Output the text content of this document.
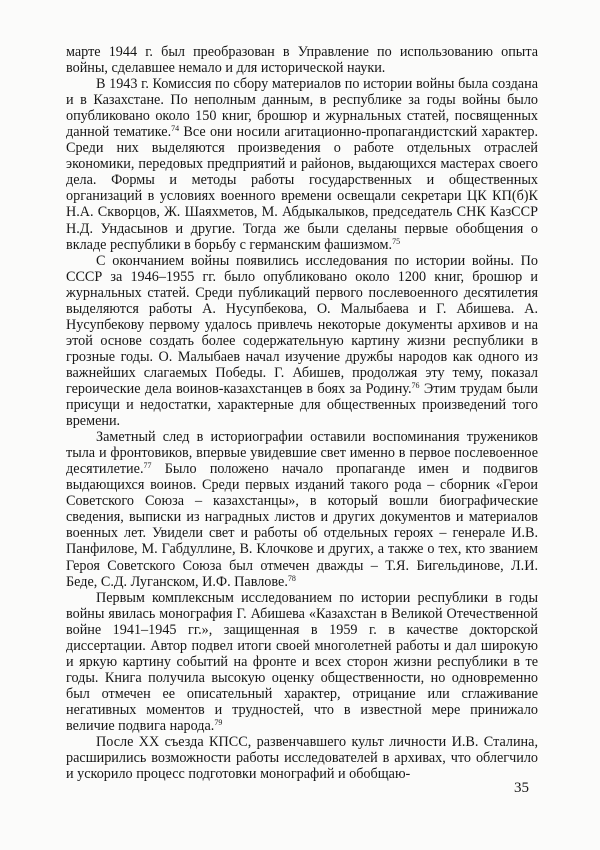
марте 1944 г. был преобразован в Управление по использованию опыта войны, сделавшее немало и для исторической науки.

В 1943 г. Комиссия по сбору материалов по истории войны была создана и в Казахстане. По неполным данным, в республике за годы войны было опубликовано около 150 книг, брошюр и журнальных статей, посвященных данной тематике.$^{74}$ Все они носили агитационно-пропагандистский характер. Среди них выделяются произведения о работе отдельных отраслей экономики, передовых предприятий и районов, выдающихся мастерах своего дела. Формы и методы работы государственных и общественных организаций в условиях военного времени освещали секретари ЦК КП(б)К Н.А. Скворцов, Ж. Шаяхметов, М. Абдыкалыков, председатель СНК КазССР Н.Д. Ундасынов и другие. Тогда же были сделаны первые обобщения о вкладе республики в борьбу с германским фашизмом.$^{75}$

С окончанием войны появились исследования по истории войны. По СССР за 1946–1955 гг. было опубликовано около 1200 книг, брошюр и журнальных статей. Среди публикаций первого послевоенного десятилетия выделяются работы А. Нусупбекова, О. Малыбаева и Г. Абишева. А. Нусупбекову первому удалось привлечь некоторые документы архивов и на этой основе создать более содержательную картину жизни республики в грозные годы. О. Малыбаев начал изучение дружбы народов как одного из важнейших слагаемых Победы. Г. Абишев, продолжая эту тему, показал героические дела воинов-казахстанцев в боях за Родину.$^{76}$ Этим трудам были присущи и недостатки, характерные для общественных произведений того времени.

Заметный след в историографии оставили воспоминания тружеников тыла и фронтовиков, впервые увидевшие свет именно в первое послевоенное десятилетие.$^{77}$ Было положено начало пропаганде имен и подвигов выдающихся воинов. Среди первых изданий такого рода – сборник «Герои Советского Союза – казахстанцы», в который вошли биографические сведения, выписки из наградных листов и других документов и материалов военных лет. Увидели свет и работы об отдельных героях – генерале И.В. Панфилове, М. Габдуллине, В. Клочкове и других, а также о тех, кто званием Героя Советского Союза был отмечен дважды – Т.Я. Бигельдинове, Л.И. Беде, С.Д. Луганском, И.Ф. Павлове.$^{78}$

Первым комплексным исследованием по истории республики в годы войны явилась монография Г. Абишева «Казахстан в Великой Отечественной войне 1941–1945 гг.», защищенная в 1959 г. в качестве докторской диссертации. Автор подвел итоги своей многолетней работы и дал широкую и яркую картину событий на фронте и всех сторон жизни республики в те годы. Книга получила высокую оценку общественности, но одновременно был отмечен ее описательный характер, отрицание или сглаживание негативных моментов и трудностей, что в известной мере принижало величие подвига народа.$^{79}$

После XX съезда КПСС, развенчавшего культ личности И.В. Сталина, расширились возможности работы исследователей в архивах, что облегчило и ускорило процесс подготовки монографий и обобщаю-

35
